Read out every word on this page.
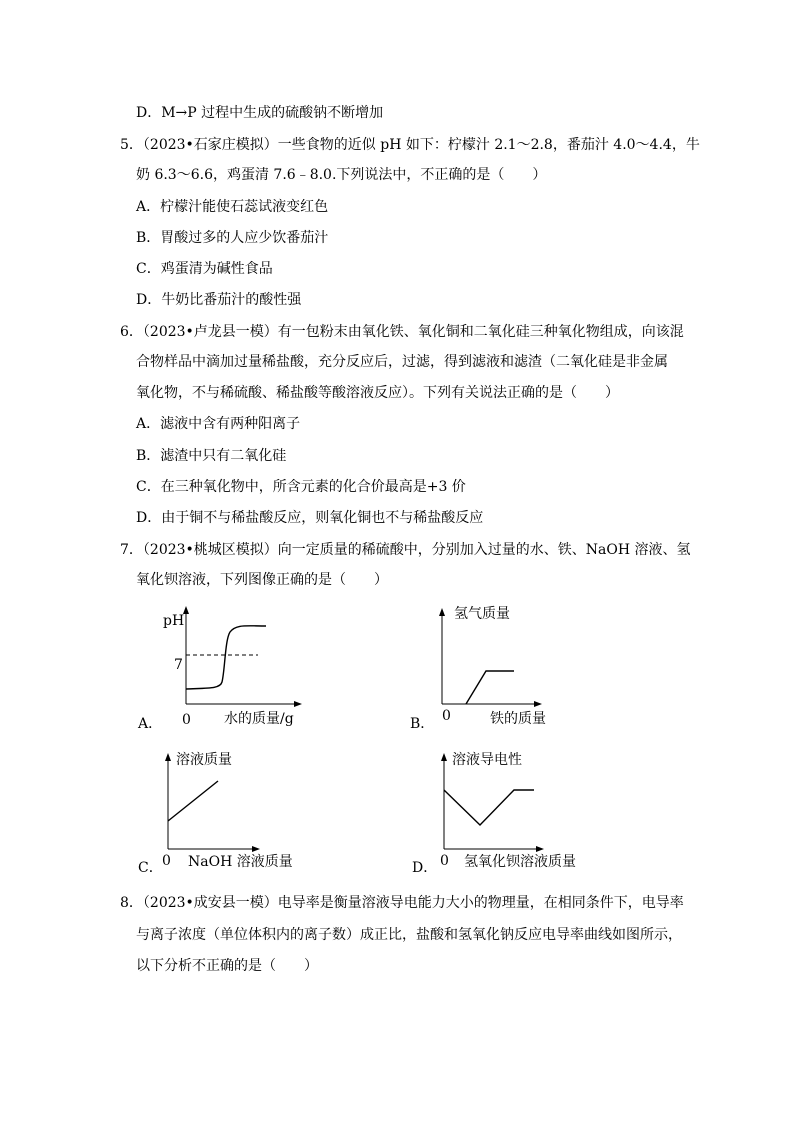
D．M→P 过程中生成的硫酸钠不断增加
5．（2023•石家庄模拟）一些食物的近似 pH 如下：柠檬汁 2.1～2.8，番茄汁 4.0～4.4，牛
奶 6.3～6.6，鸡蛋清 7.6﹣8.0.下列说法中，不正确的是（　　）
A．柠檬汁能使石蕊试液变红色
B．胃酸过多的人应少饮番茄汁
C．鸡蛋清为碱性食品
D．牛奶比番茄汁的酸性强
6．（2023•卢龙县一模）有一包粉末由氧化铁、氧化铜和二氧化硅三种氧化物组成，向该混
合物样品中滴加过量稀盐酸，充分反应后，过滤，得到滤液和滤渣（二氧化硅是非金属
氧化物，不与稀硫酸、稀盐酸等酸溶液反应）。下列有关说法正确的是（　　）
A．滤液中含有两种阳离子
B．滤渣中只有二氧化硅
C．在三种氧化物中，所含元素的化合价最高是+3 价
D．由于铜不与稀盐酸反应，则氧化铜也不与稀盐酸反应
7．（2023•桃城区模拟）向一定质量的稀硫酸中，分别加入过量的水、铁、NaOH 溶液、氢
氧化钡溶液，下列图像正确的是（　　）
pH
7
0 水的质量/g
A．
氢气质量
0	铁的质量
B．
溶液质量
0 NaOH 溶液质量
C．
溶液导电性
0 氢氧化钡溶液质量
D．
8．（2023•成安县一模）电导率是衡量溶液导电能力大小的物理量，在相同条件下，电导率
与离子浓度（单位体积内的离子数）成正比，盐酸和氢氧化钠反应电导率曲线如图所示，
以下分析不正确的是（　　）
